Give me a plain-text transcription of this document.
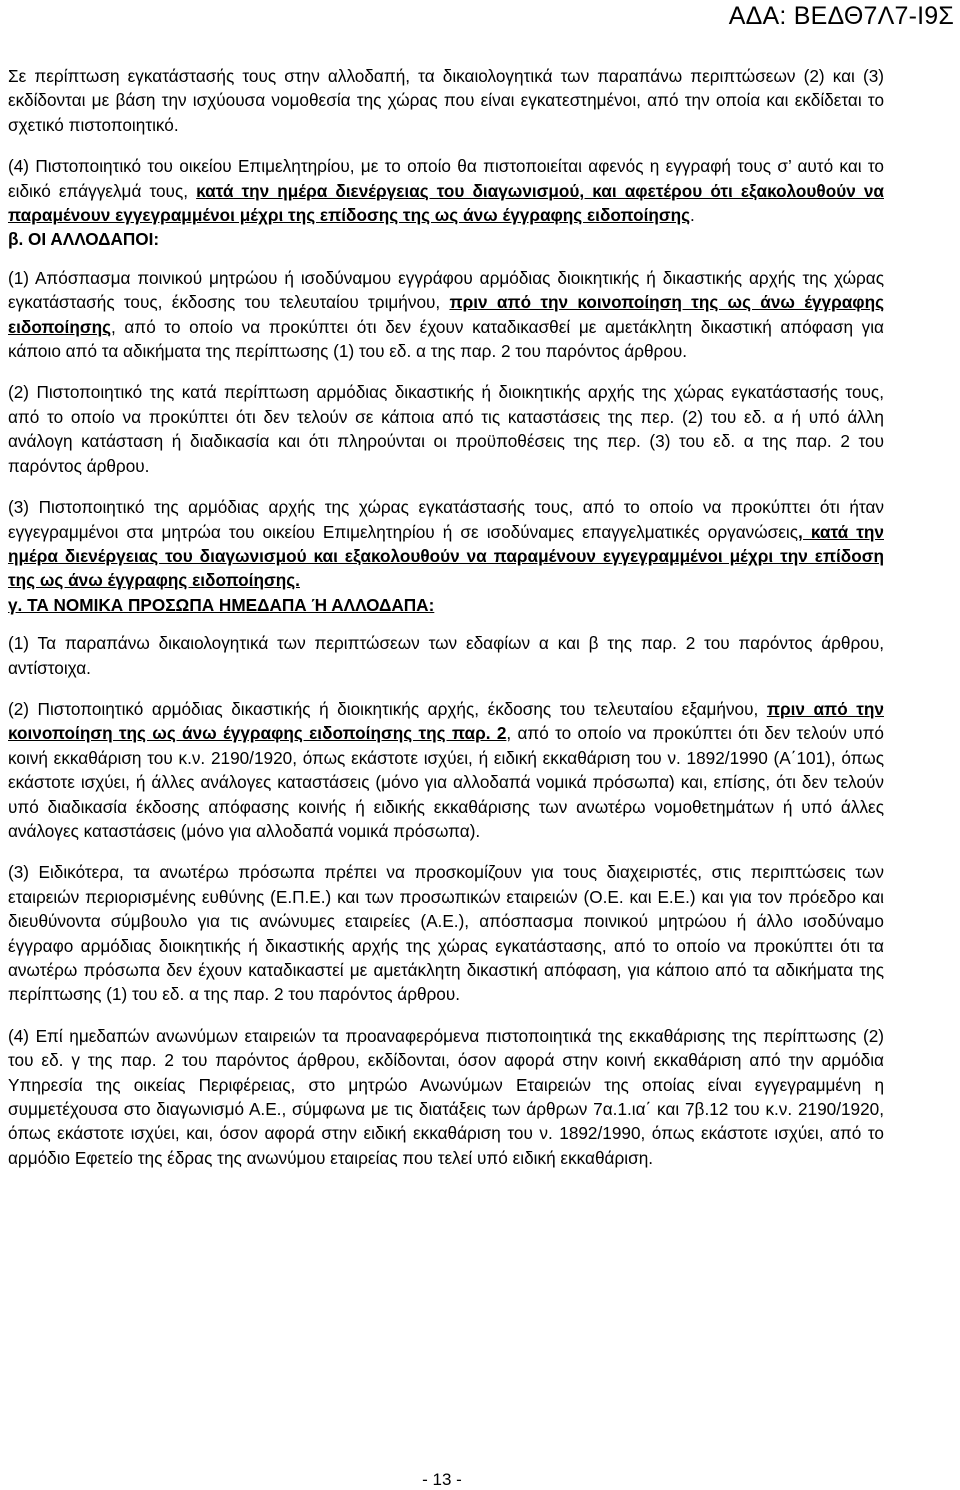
ΑΔΑ: ΒΕΔΘ7Λ7-Ι9Σ

Σε περίπτωση εγκατάστασής τους στην αλλοδαπή, τα δικαιολογητικά των παραπάνω περιπτώσεων (2) και (3) εκδίδονται με βάση την ισχύουσα νομοθεσία της χώρας που είναι εγκατεστημένοι, από την οποία και εκδίδεται το σχετικό πιστοποιητικό.

(4) Πιστοποιητικό του οικείου Επιμελητηρίου, με το οποίο θα πιστοποιείται αφενός η εγγραφή τους σ’ αυτό και το ειδικό επάγγελμά τους, κατά την ημέρα διενέργειας του διαγωνισμού, και αφετέρου ότι εξακολουθούν να παραμένουν εγγεγραμμένοι μέχρι της επίδοσης της ως άνω έγγραφης ειδοποίησης.

β. ΟΙ ΑΛΛΟΔΑΠΟΙ:

(1) Απόσπασμα ποινικού μητρώου ή ισοδύναμου εγγράφου αρμόδιας διοικητικής ή δικαστικής αρχής της χώρας εγκατάστασής τους, έκδοσης του τελευταίου τριμήνου, πριν από την κοινοποίηση της ως άνω έγγραφης ειδοποίησης, από το οποίο να προκύπτει ότι δεν έχουν καταδικασθεί με αμετάκλητη δικαστική απόφαση για κάποιο από τα αδικήματα της περίπτωσης (1) του εδ. α της παρ. 2 του παρόντος άρθρου.

(2) Πιστοποιητικό της κατά περίπτωση αρμόδιας δικαστικής ή διοικητικής αρχής της χώρας εγκατάστασής τους, από το οποίο να προκύπτει ότι δεν τελούν σε κάποια από τις καταστάσεις της περ. (2) του εδ. α ή υπό άλλη ανάλογη κατάσταση ή διαδικασία και ότι πληρούνται οι προϋποθέσεις της περ. (3) του εδ. α της παρ. 2 του παρόντος άρθρου.

(3) Πιστοποιητικό της αρμόδιας αρχής της χώρας εγκατάστασής τους, από το οποίο να προκύπτει ότι ήταν εγγεγραμμένοι στα μητρώα του οικείου Επιμελητηρίου ή σε ισοδύναμες επαγγελματικές οργανώσεις, κατά την ημέρα διενέργειας του διαγωνισμού και εξακολουθούν να παραμένουν εγγεγραμμένοι μέχρι την επίδοση της ως άνω έγγραφης ειδοποίησης.

γ. ΤΑ ΝΟΜΙΚΑ ΠΡΟΣΩΠΑ ΗΜΕΔΑΠΑ Ή ΑΛΛΟΔΑΠΑ:

(1) Τα παραπάνω δικαιολογητικά των περιπτώσεων των εδαφίων α και β της παρ. 2 του παρόντος άρθρου, αντίστοιχα.

(2) Πιστοποιητικό αρμόδιας δικαστικής ή διοικητικής αρχής, έκδοσης του τελευταίου εξαμήνου, πριν από την κοινοποίηση της ως άνω έγγραφης ειδοποίησης της παρ. 2, από το οποίο να προκύπτει ότι δεν τελούν υπό κοινή εκκαθάριση του κ.ν. 2190/1920, όπως εκάστοτε ισχύει, ή ειδική εκκαθάριση του ν. 1892/1990 (Α΄101), όπως εκάστοτε ισχύει, ή άλλες ανάλογες καταστάσεις (μόνο για αλλοδαπά νομικά πρόσωπα) και, επίσης, ότι δεν τελούν υπό διαδικασία έκδοσης απόφασης κοινής ή ειδικής εκκαθάρισης των ανωτέρω νομοθετημάτων ή υπό άλλες ανάλογες καταστάσεις (μόνο για αλλοδαπά νομικά πρόσωπα).

(3) Ειδικότερα, τα ανωτέρω πρόσωπα πρέπει να προσκομίζουν για τους διαχειριστές, στις περιπτώσεις των εταιρειών περιορισμένης ευθύνης (Ε.Π.Ε.) και των προσωπικών εταιρειών (Ο.Ε. και Ε.Ε.) και για τον πρόεδρο και διευθύνοντα σύμβουλο για τις ανώνυμες εταιρείες (Α.Ε.), απόσπασμα ποινικού μητρώου ή άλλο ισοδύναμο έγγραφο αρμόδιας διοικητικής ή δικαστικής αρχής της χώρας εγκατάστασης, από το οποίο να προκύπτει ότι τα ανωτέρω πρόσωπα δεν έχουν καταδικαστεί με αμετάκλητη δικαστική απόφαση, για κάποιο από τα αδικήματα της περίπτωσης (1) του εδ. α της παρ. 2 του παρόντος άρθρου.

(4) Επί ημεδαπών ανωνύμων εταιρειών τα προαναφερόμενα πιστοποιητικά της εκκαθάρισης της περίπτωσης (2) του εδ. γ της παρ. 2 του παρόντος άρθρου, εκδίδονται, όσον αφορά στην κοινή εκκαθάριση από την αρμόδια Υπηρεσία της οικείας Περιφέρειας, στο μητρώο Ανωνύμων Εταιρειών της οποίας είναι εγγεγραμμένη η συμμετέχουσα στο διαγωνισμό Α.Ε., σύμφωνα με τις διατάξεις των άρθρων 7α.1.ια΄ και 7β.12 του κ.ν. 2190/1920, όπως εκάστοτε ισχύει, και, όσον αφορά στην ειδική εκκαθάριση του ν. 1892/1990, όπως εκάστοτε ισχύει, από το αρμόδιο Εφετείο της έδρας της ανωνύμου εταιρείας που τελεί υπό ειδική εκκαθάριση.

- 13 -
